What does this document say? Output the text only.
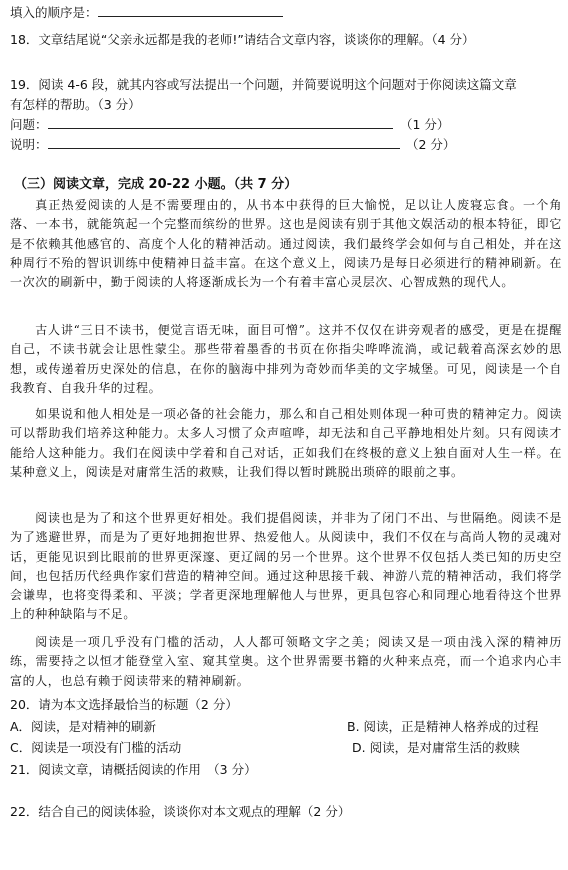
填入的顺序是：
18．文章结尾说“父亲永远都是我的老师!”请结合文章内容，谈谈你的理解。（4 分）
19．阅读 4-6 段，就其内容或写法提出一个问题，并简要说明这个问题对于你阅读这篇文章
有怎样的帮助。（3 分）
问题：	（1 分）
说明：	（2 分）
（三）阅读文章，完成 20-22 小题。（共 7 分）

真正热爱阅读的人是不需要理由的，从书本中获得的巨大愉悦，足以让人废寝忘食。一个角落、一本书，就能筑起一个完整而缤纷的世界。这也是阅读有别于其他文娱活动的根本特征，即它是不依赖其他感官的、高度个人化的精神活动。通过阅读，我们最终学会如何与自己相处，并在这种周行不殆的智识训练中使精神日益丰富。在这个意义上，阅读乃是每日必须进行的精神刷新。在一次次的刷新中，勤于阅读的人将逐渐成长为一个有着丰富心灵层次、心智成熟的现代人。

古人讲“三日不读书，便觉言语无味，面目可憎”。这并不仅仅在讲旁观者的感受，更是在提醒自己，不读书就会让思性蒙尘。那些带着墨香的书页在你指尖哗哗流淌，或记载着高深玄妙的思想，或传递着历史深处的信息，在你的脑海中排列为奇妙而华美的文字城堡。可见，阅读是一个自我教育、自我升华的过程。

如果说和他人相处是一项必备的社会能力，那么和自己相处则体现一种可贵的精神定力。阅读可以帮助我们培养这种能力。太多人习惯了众声喧哗，却无法和自己平静地相处片刻。只有阅读才能给人这种能力。我们在阅读中学着和自己对话，正如我们在终极的意义上独自面对人生一样。在某种意义上，阅读是对庸常生活的救赎，让我们得以暂时跳脱出琐碎的眼前之事。

阅读也是为了和这个世界更好相处。我们提倡阅读，并非为了闭门不出、与世隔绝。阅读不是为了逃避世界，而是为了更好地拥抱世界、热爱他人。从阅读中，我们不仅在与高尚人物的灵魂对话，更能见识到比眼前的世界更深邃、更辽阔的另一个世界。这个世界不仅包括人类已知的历史空间，也包括历代经典作家们营造的精神空间。通过这种思接千载、神游八荒的精神活动，我们将学会谦卑，也将变得柔和、平淡；学者更深地理解他人与世界，更具包容心和同理心地看待这个世界上的种种缺陷与不足。

阅读是一项几乎没有门槛的活动，人人都可领略文字之美；阅读又是一项由浅入深的精神历练，需要持之以恒才能登堂入室、窥其堂奥。这个世界需要书籍的火种来点亮，而一个追求内心丰富的人，也总有赖于阅读带来的精神刷新。

20．请为本文选择最恰当的标题（2 分）
A．阅读，是对精神的刷新	B. 阅读，正是精神人格养成的过程
C．阅读是一项没有门槛的活动	D. 阅读，是对庸常生活的救赎
21．阅读文章，请概括阅读的作用　（3 分）
22．结合自己的阅读体验，谈谈你对本文观点的理解（2 分）
